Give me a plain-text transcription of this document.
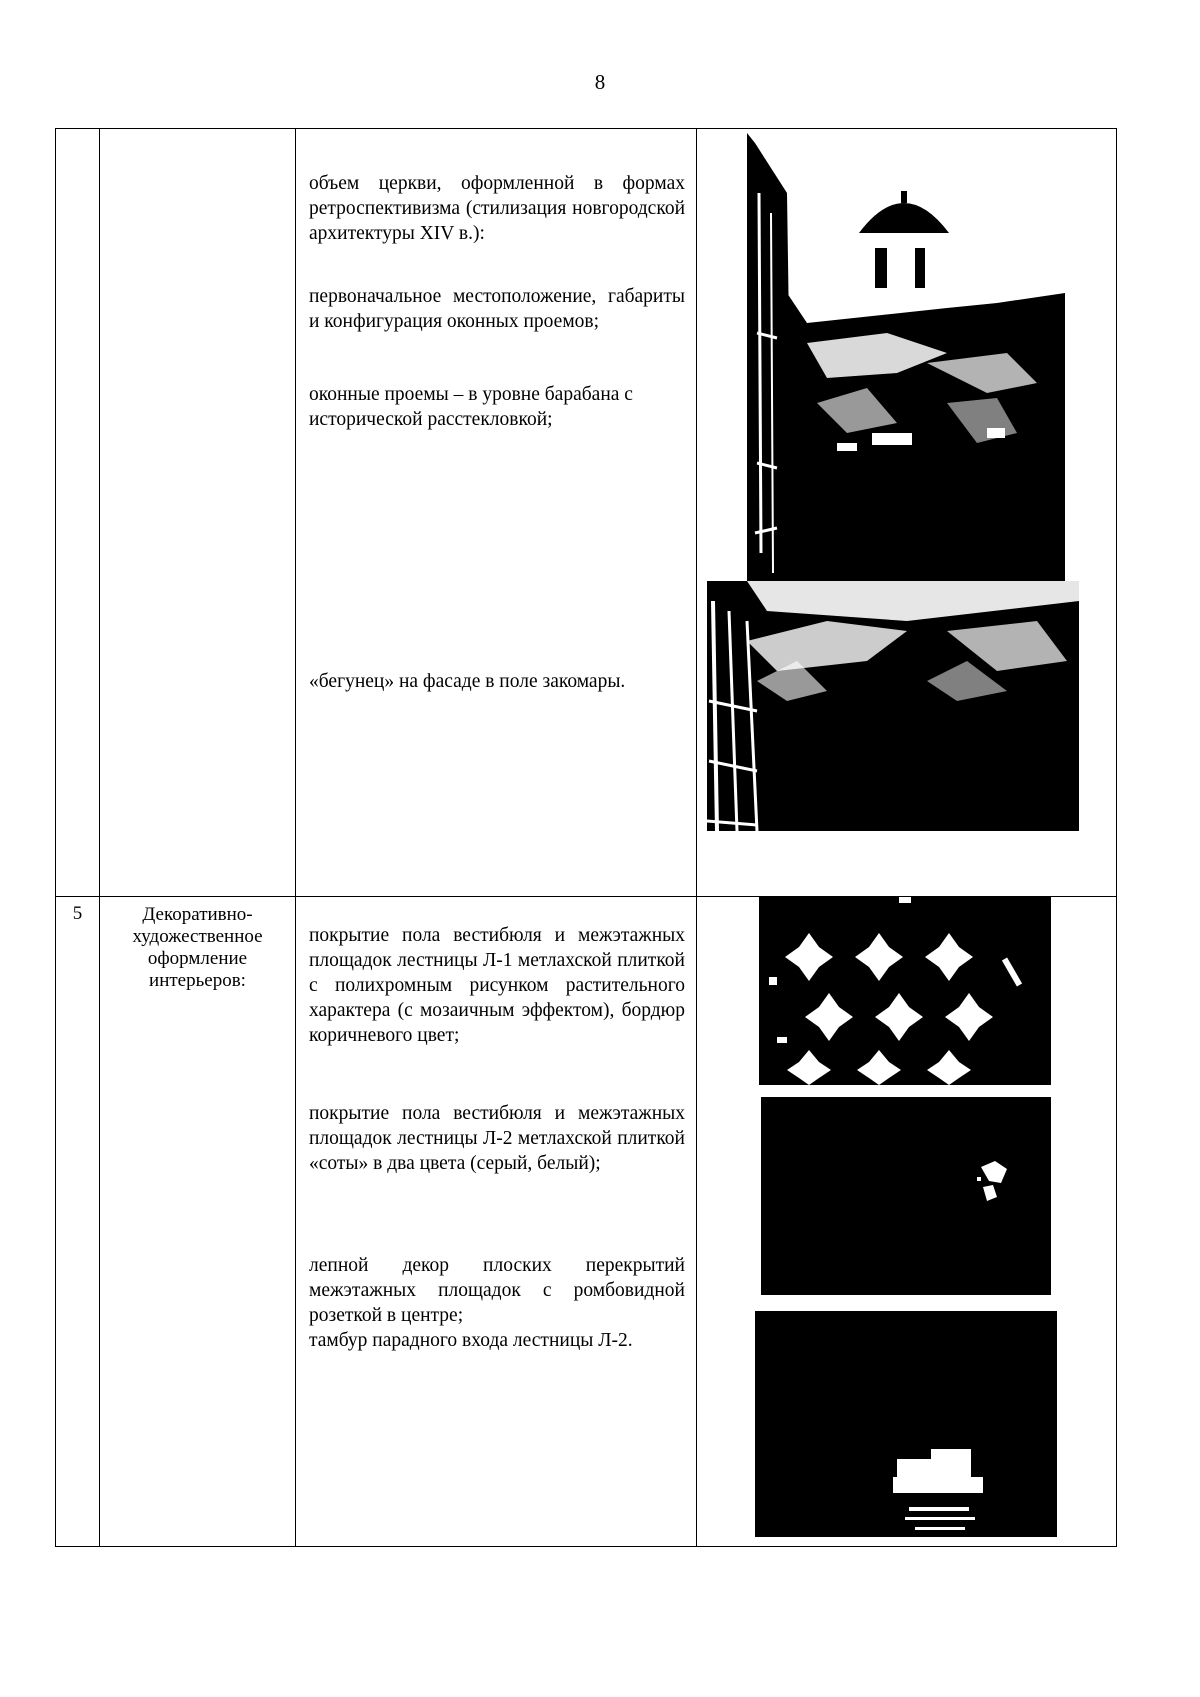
8

		объем церкви, оформленной в формах ретроспективизма (стилизация новгородской архитектуры XIV в.):
первоначальное местоположение, габариты и конфигурация оконных проемов;
оконные проемы – в уровне барабана с исторической расстекловкой;
«бегунец» на фасаде в поле закомары.

5	Декоративно-художественное оформление интерьеров:	покрытие пола вестибюля и межэтажных площадок лестницы Л-1 метлахской плиткой с полихромным рисунком растительного характера (с мозаичным эффектом), бордюр коричневого цвет;
покрытие пола вестибюля и межэтажных площадок лестницы Л-2 метлахской плиткой «соты» в два цвета (серый, белый);
лепной декор плоских перекрытий межэтажных площадок с ромбовидной розеткой в центре;
тамбур парадного входа лестницы Л-2.
